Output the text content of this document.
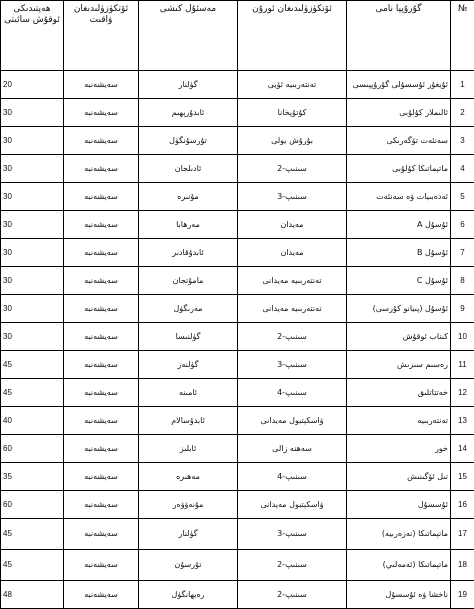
ھەپتىدىكى ئوقۇش سائىتى	ئۆتكۈزۈلىدىغان ۋاقىت	مەسئۇل كىشى	ئۆتكۈزۈلىدىغان ئورۇن	گۇرۇپپا نامى	№
20	سەيشەنبە	گۈلنار	تەنتەربىيە ئۆيى	ئۇيغۇر ئۇسسۇلى گۇرۇپپىسى	1
30	سەيشەنبە	ئابدۇرېھىم	كۇتۇپخانا	ئالىملار كۇلۇبى	2
30	سەيشەنبە	تۇرسۇنگۈل	بۇرۇش يولى	سەنئەت تۆگەرىكى	3
30	سەيشەنبە	ئادىلجان	2-سىنىپ	ماتېماتىكا كۇلۇبى	4
30	سەيشەنبە	مۇنىرە	3-سىنىپ	ئەدەبىيات ۋە سەنئەت	5
30	سەيشەنبە	مەرھابا	مەيدان	A ئۇسۇل	6
30	سەيشەنبە	ئابدۇقادىر	مەيدان	B ئۇسۇل	7
30	سەيشەنبە	مامۇتجان	تەنتەربىيە مەيدانى	C ئۇسۇل	8
30	سەيشەنبە	مەرىگۈل	تەنتەربىيە مەيدانى	ئۇسۇل (پىيانو كۇرسى)	9
30	سەيشەنبە	گۈلنىسا	2-سىنىپ	كىتاب ئوقۇش	10
45	سەيشەنبە	گۈلنەز	3-سىنىپ	رەسىم سىزىش	11
45	سەيشەنبە	ئامىنە	4-سىنىپ	خەتتاتلىق	12
40	سەيشەنبە	ئابدۇسالام	ۋاسكېتبول مەيدانى	تەنتەربىيە	13
60	سەيشەنبە	ئابلىز	سەھنە زالى	خور	14
35	سەيشەنبە	مەھىرە	4-سىنىپ	تىل ئۆگىنىش	15
60	سەيشەنبە	مۇنەۋۋەر	ۋاسكېتبول مەيدانى	ئۇسسۇل	16
45	سەيشەنبە	گۈلنار	3-سىنىپ	ماتېماتىكا (نەزەرىيە)	17
45	سەيشەنبە	تۇرسۇن	2-سىنىپ	ماتېماتىكا (ئەمەلىي)	18
48	سەيشەنبە	رەيھانگۈل	2-سىنىپ	ناخشا ۋە ئۇسسۇل	19
